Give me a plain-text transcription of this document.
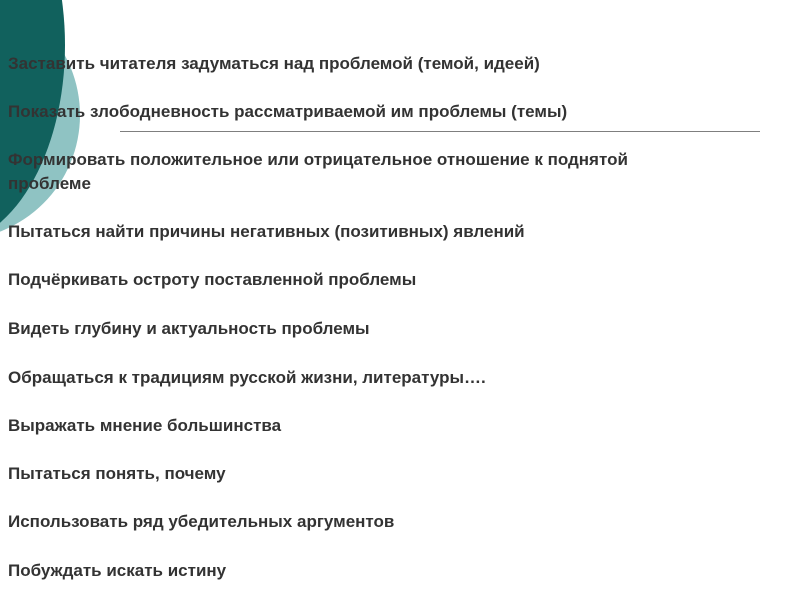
Заставить читателя задуматься над проблемой (темой, идеей)
Показать злободневность рассматриваемой им проблемы (темы)
Формировать положительное или отрицательное отношение к поднятой
проблеме
Пытаться найти причины негативных (позитивных) явлений
Подчёркивать остроту поставленной проблемы
Видеть глубину и актуальность проблемы
Обращаться к традициям русской жизни, литературы….
Выражать мнение большинства
Пытаться понять, почему
Использовать ряд убедительных аргументов
Побуждать искать истину
